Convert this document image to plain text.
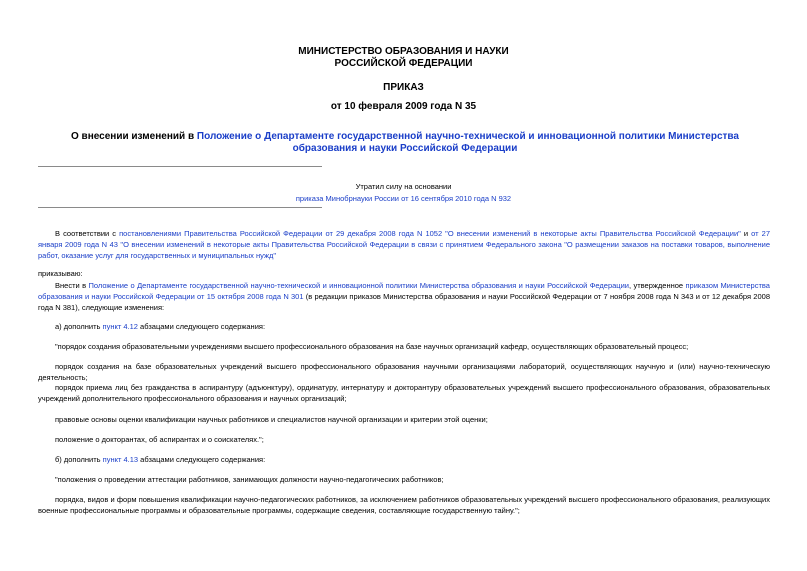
МИНИСТЕРСТВО ОБРАЗОВАНИЯ И НАУКИ
РОССИЙСКОЙ ФЕДЕРАЦИИ
ПРИКАЗ
от 10 февраля 2009 года N 35
О внесении изменений в Положение о Департаменте государственной научно-технической и инновационной политики Министерства образования и науки Российской Федерации
Утратил силу на основании
приказа Минобрнауки России от 16 сентября 2010 года N 932
В соответствии с постановлениями Правительства Российской Федерации от 29 декабря 2008 года N 1052 "О внесении изменений в некоторые акты Правительства Российской Федерации" и от 27 января 2009 года N 43 "О внесении изменений в некоторые акты Правительства Российской Федерации в связи с принятием Федерального закона "О размещении заказов на поставки товаров, выполнение работ, оказание услуг для государственных и муниципальных нужд"
приказываю:
Внести в Положение о Департаменте государственной научно-технической и инновационной политики Министерства образования и науки Российской Федерации, утвержденное приказом Министерства образования и науки Российской Федерации от 15 октября 2008 года N 301 (в редакции приказов Министерства образования и науки Российской Федерации от 7 ноября 2008 года N 343 и от 12 декабря 2008 года N 381), следующие изменения:
а) дополнить пункт 4.12 абзацами следующего содержания:
"порядок создания образовательными учреждениями высшего профессионального образования на базе научных организаций кафедр, осуществляющих образовательный процесс;
порядок создания на базе образовательных учреждений высшего профессионального образования научными организациями лабораторий, осуществляющих научную и (или) научно-техническую деятельность;
порядок приема лиц без гражданства в аспирантуру (адъюнктуру), ординатуру, интернатуру и докторантуру образовательных учреждений высшего профессионального образования, образовательных учреждений дополнительного профессионального образования и научных организаций;
правовые основы оценки квалификации научных работников и специалистов научной организации и критерии этой оценки;
положение о докторантах, об аспирантах и о соискателях.";
б) дополнить пункт 4.13 абзацами следующего содержания:
"положения о проведении аттестации работников, занимающих должности научно-педагогических работников;
порядка, видов и форм повышения квалификации научно-педагогических работников, за исключением работников образовательных учреждений высшего профессионального образования, реализующих военные профессиональные программы и образовательные программы, содержащие сведения, составляющие государственную тайну.";
